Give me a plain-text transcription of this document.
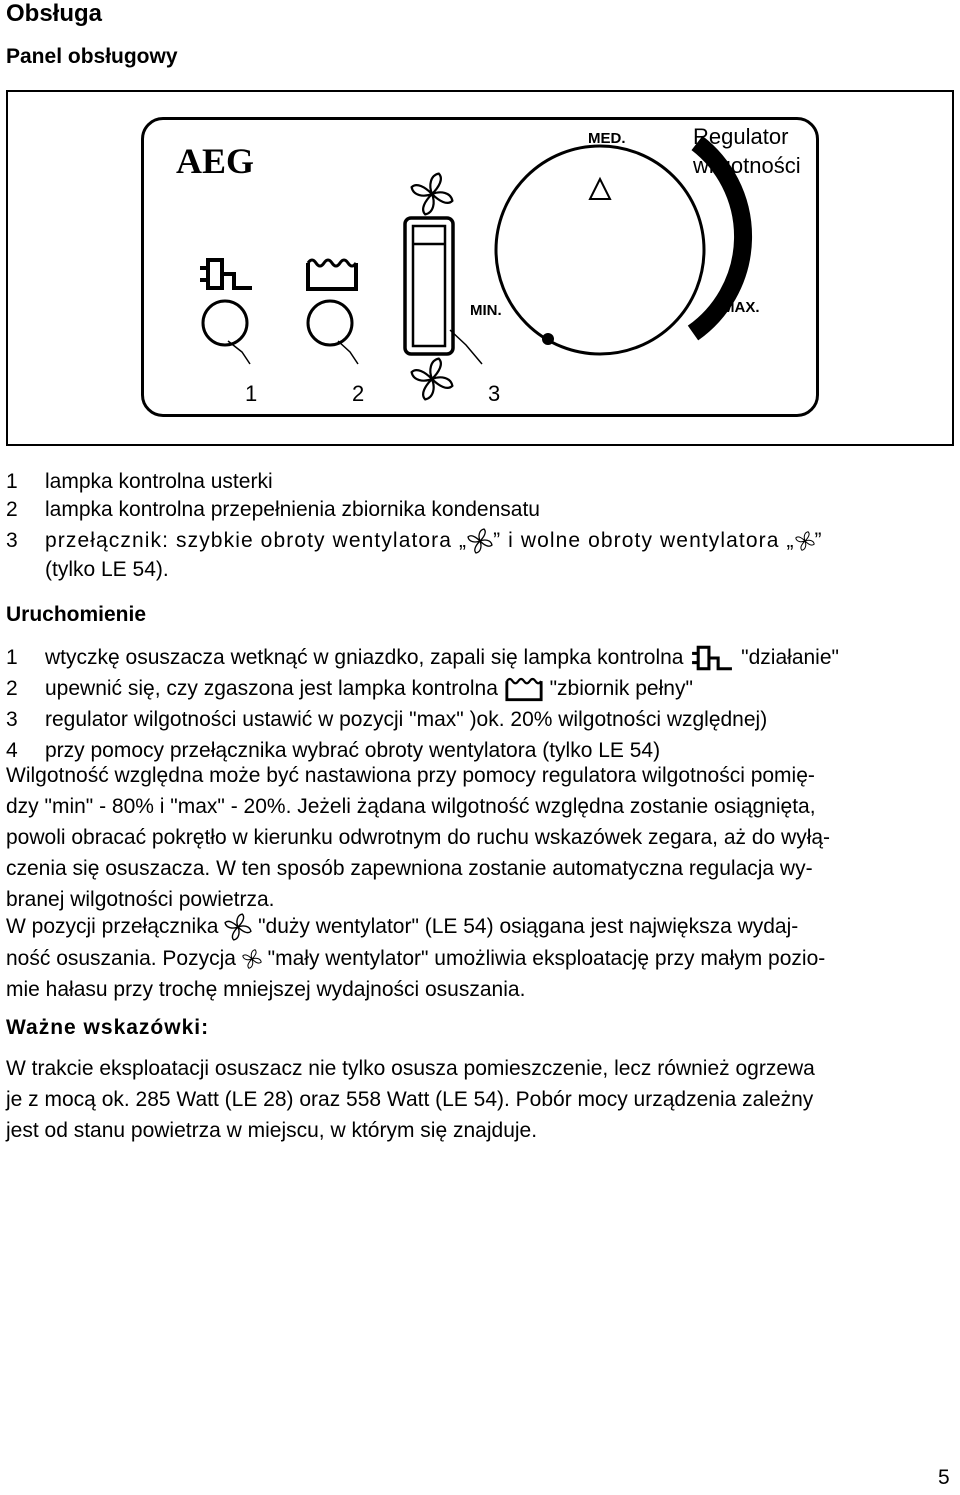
Obsługa
Panel obsługowy
AEG
1	2	3
MED.
MIN.	MAX.
Regulator
wilgotności
1 lampka kontrolna usterki
2 lampka kontrolna przepełnienia zbiornika kondensatu
3 przełącznik: szybkie obroty wentylatora „ ” i wolne obroty wentylatora „ ”
(tylko LE 54).
Uruchomienie
1 wtyczkę osuszacza wetknąć w gniazdko, zapali się lampka kontrolna	"działanie"
2 upewnić się, czy zgaszona jest lampka kontrolna "zbiornik pełny"
3 regulator wilgotności ustawić w pozycji "max" )ok. 20% wilgotności względnej)
4 przy pomocy przełącznika wybrać obroty wentylatora (tylko LE 54)
Wilgotność względna może być nastawiona przy pomocy regulatora wilgotności pomię-
dzy "min" - 80% i "max" - 20%. Jeżeli żądana wilgotność względna zostanie osiągnięta,
powoli obracać pokrętło w kierunku odwrotnym do ruchu wskazówek zegara, aż do wyłą-
czenia się osuszacza. W ten sposób zapewniona zostanie automatyczna regulacja wy-
branej wilgotności powietrza.
W pozycji przełącznika "duży wentylator" (LE 54) osiągana jest największa wydaj-
ność osuszania. Pozycja "mały wentylator" umożliwia eksploatację przy małym pozio-
mie hałasu przy trochę mniejszej wydajności osuszania.
Ważne wskazówki:
W trakcie eksploatacji osuszacz nie tylko osusza pomieszczenie, lecz również ogrzewa
je z mocą ok. 285 Watt (LE 28) oraz 558 Watt (LE 54). Pobór mocy urządzenia zależny
jest od stanu powietrza w miejscu, w którym się znajduje.
5
